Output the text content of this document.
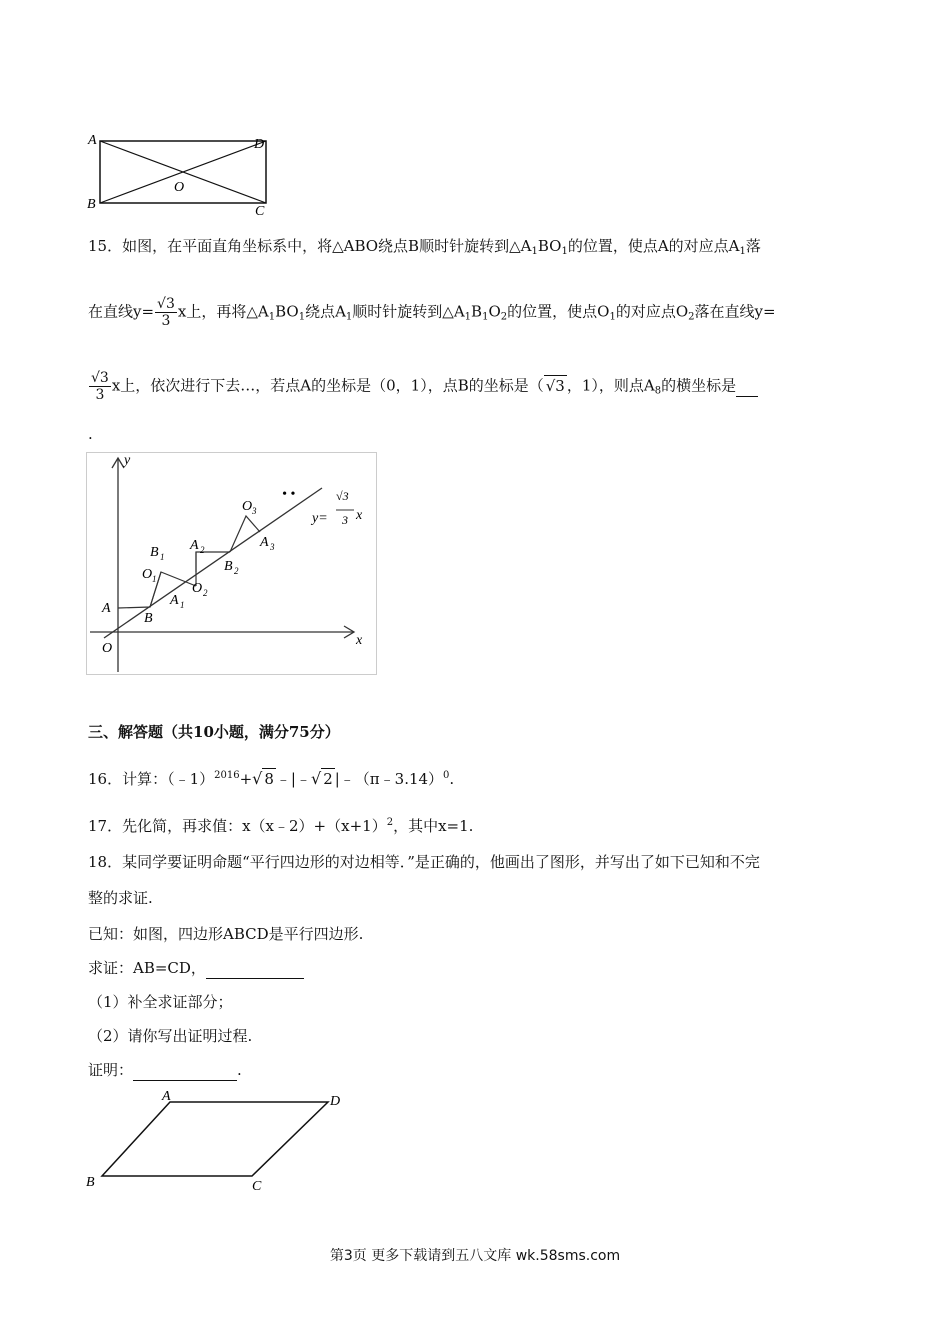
A	D
O
B	C
15．如图，在平面直角坐标系中，将△ABO绕点B顺时针旋转到$\triangle A_1BO_1$的位置，使点A的对应点$A_1$落
在直线$y= \frac{√3}{3}$ x上，再将$\triangle A_1BO_1$绕点$A_1$顺时针旋转到$\triangle A_1B_1O_2$的位置，使点$O_1$的对应点$O_2$落在直线y=
$\frac{√3}{3}$ x上，依次进行下去…，若点A的坐标是（0，1），点B的坐标是（ √3 ，1），则点$A_8$的横坐标是
.
y
x
O
A
B
B 1
O 1
A 1
A 2
O 2
B 2
O 3
A 3
• •
y=
√3
3 x
三、解答题（共10小题，满分75分）
16．计算：（﹣1）$^{2016}$+√ 8 ﹣|﹣√ 2 |﹣（π﹣3.14）$^0$.
17．先化简，再求值：$x(x﹣2)+(x+1)^2$，其中x=1.
18．某同学要证明命题“平行四边形的对边相等．”是正确的，他画出了图形，并写出了如下已知和不完
整的求证.
已知：如图，四边形ABCD是平行四边形.
求证：AB=CD，
（1）补全求证部分；
（2）请你写出证明过程.
证明：	.
A	D
B	C
第3页 更多下载请到五八文库 wk.58sms.com
